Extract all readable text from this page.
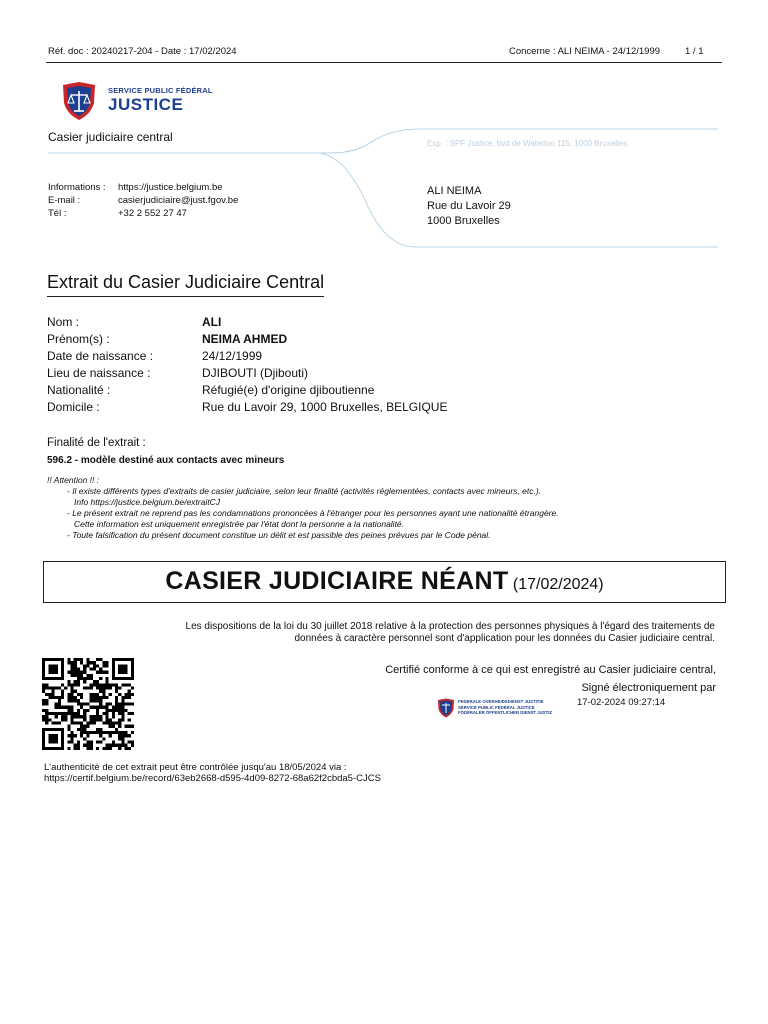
Réf. doc : 20240217-204 - Date : 17/02/2024	Concerne : ALI NEIMA - 24/12/1999	1 / 1
SERVICE PUBLIC FÉDÉRAL
JUSTICE
Casier judiciaire central
Informations :	https://justice.belgium.be
E-mail :	casierjudiciaire@just.fgov.be
Tél :	+32 2 552 27 47
Exp. : SPF Justice, bvd de Waterloo 115, 1000 Bruxelles
ALI NEIMA
Rue du Lavoir 29
1000 Bruxelles
Extrait du Casier Judiciaire Central
Nom :	ALI
Prénom(s) :	NEIMA AHMED
Date de naissance :	24/12/1999
Lieu de naissance :	DJIBOUTI (Djibouti)
Nationalité :	Réfugié(e) d'origine djiboutienne
Domicile :	Rue du Lavoir 29, 1000 Bruxelles, BELGIQUE
Finalité de l'extrait :
596.2 - modèle destiné aux contacts avec mineurs
!! Attention !! :
- Il existe différents types d'extraits de casier judiciaire, selon leur finalité (activités réglementées, contacts avec mineurs, etc.).
Info https://justice.belgium.be/extraitCJ
- Le présent extrait ne reprend pas les condamnations prononcées à l'étranger pour les personnes ayant une nationalité étrangère.
Cette information est uniquement enregistrée par l'état dont la personne a la nationalité.
- Toute falsification du présent document constitue un délit et est passible des peines prévues par le Code pénal.
CASIER JUDICIAIRE NÉANT (17/02/2024)
Les dispositions de la loi du 30 juillet 2018 relative à la protection des personnes physiques à l'égard des traitements de
données à caractère personnel sont d'application pour les données du Casier judiciaire central.
Certifié conforme à ce qui est enregistré au Casier judiciaire central,
Signé électroniquement par
FEDERALE OVERHEIDSDIENST JUSTITIE
SERVICE PUBLIC FÉDÉRAL JUSTICE
FÖDERALER ÖFFENTLICHER DIENST JUSTIZ
17-02-2024 09:27:14
L'authenticité de cet extrait peut être contrôlée jusqu'au 18/05/2024 via :
https://certif.belgium.be/record/63eb2668-d595-4d09-8272-68a62f2cbda5-CJCS
